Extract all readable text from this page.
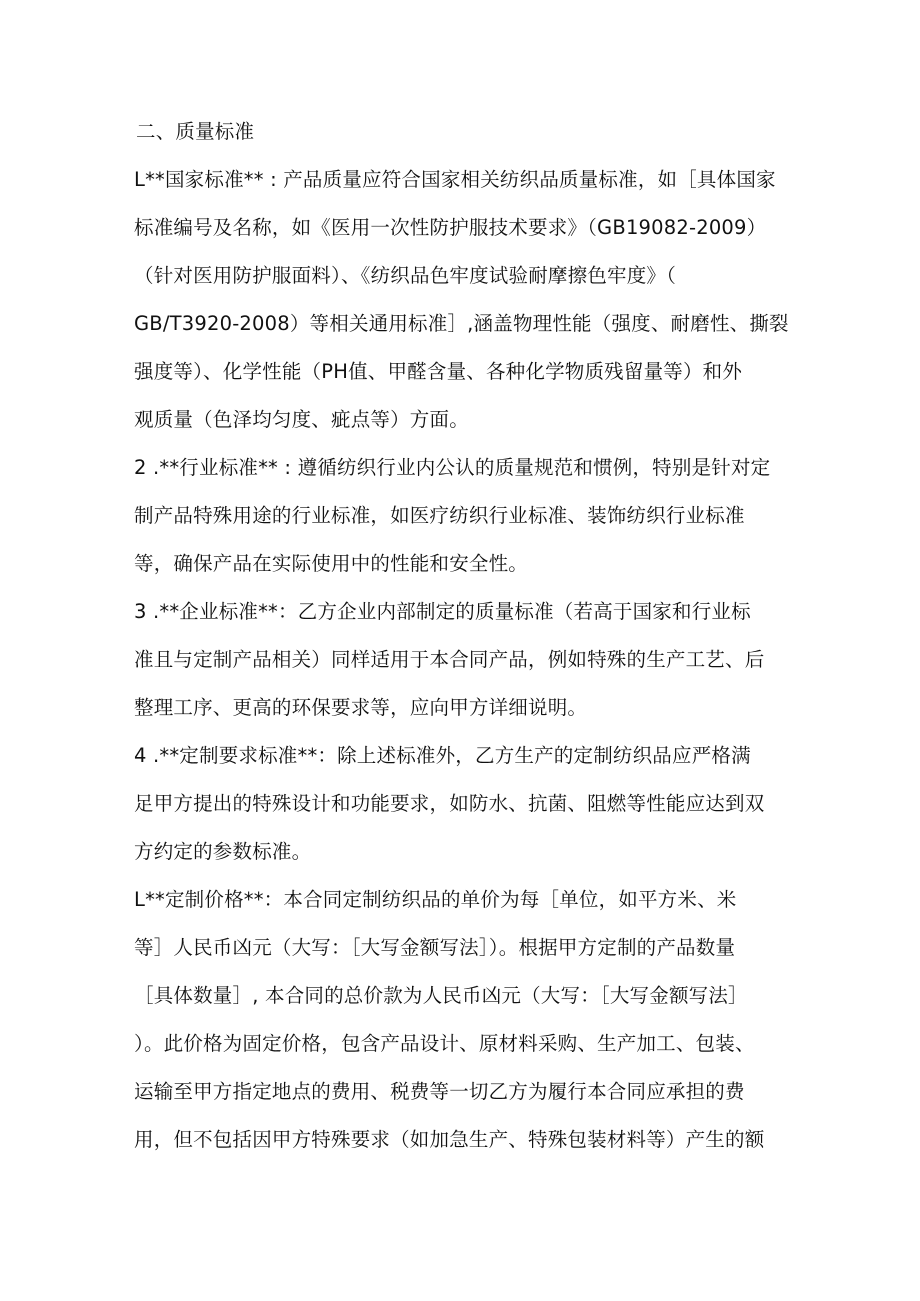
二、质量标准
L**国家标准** : 产品质量应符合国家相关纺织品质量标准，如［具体国家
标准编号及名称，如《医用一次性防护服技术要求》（GB19082-2009）
（针对医用防护服面料）、《纺织品色牢度试验耐摩擦色牢度》（
GB/T3920-2008）等相关通用标准］,涵盖物理性能（强度、耐磨性、撕裂
强度等）、化学性能（PH值、甲醛含量、各种化学物质残留量等）和外
观质量（色泽均匀度、疵点等）方面。
2 .**行业标准** : 遵循纺织行业内公认的质量规范和惯例，特别是针对定
制产品特殊用途的行业标准，如医疗纺织行业标准、装饰纺织行业标准
等，确保产品在实际使用中的性能和安全性。
3 .**企业标准**：乙方企业内部制定的质量标准（若高于国家和行业标
准且与定制产品相关）同样适用于本合同产品，例如特殊的生产工艺、后
整理工序、更高的环保要求等，应向甲方详细说明。
4 .**定制要求标准**：除上述标准外，乙方生产的定制纺织品应严格满
足甲方提出的特殊设计和功能要求，如防水、抗菌、阻燃等性能应达到双
方约定的参数标准。
L**定制价格**：本合同定制纺织品的单价为每［单位，如平方米、米
等］人民币凶元（大写：［大写金额写法］）。根据甲方定制的产品数量
［具体数量］, 本合同的总价款为人民币凶元（大写：［大写金额写法］
）。此价格为固定价格，包含产品设计、原材料采购、生产加工、包装、
运输至甲方指定地点的费用、税费等一切乙方为履行本合同应承担的费
用，但不包括因甲方特殊要求（如加急生产、特殊包装材料等）产生的额
